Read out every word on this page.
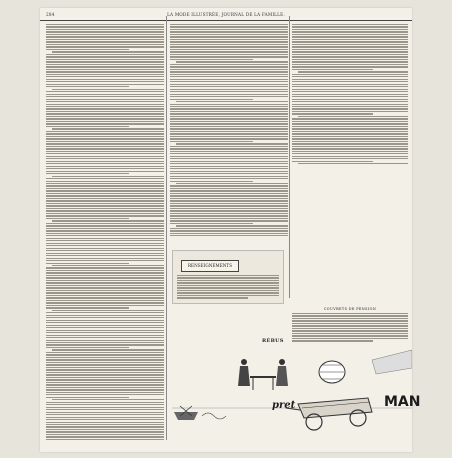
284	LA MODE ILLUSTRÉE, JOURNAL DE LA FAMILLE.
RENSEIGNEMENTS
COUVRETS DE PENSION
RÉBUS
pret	MAN
